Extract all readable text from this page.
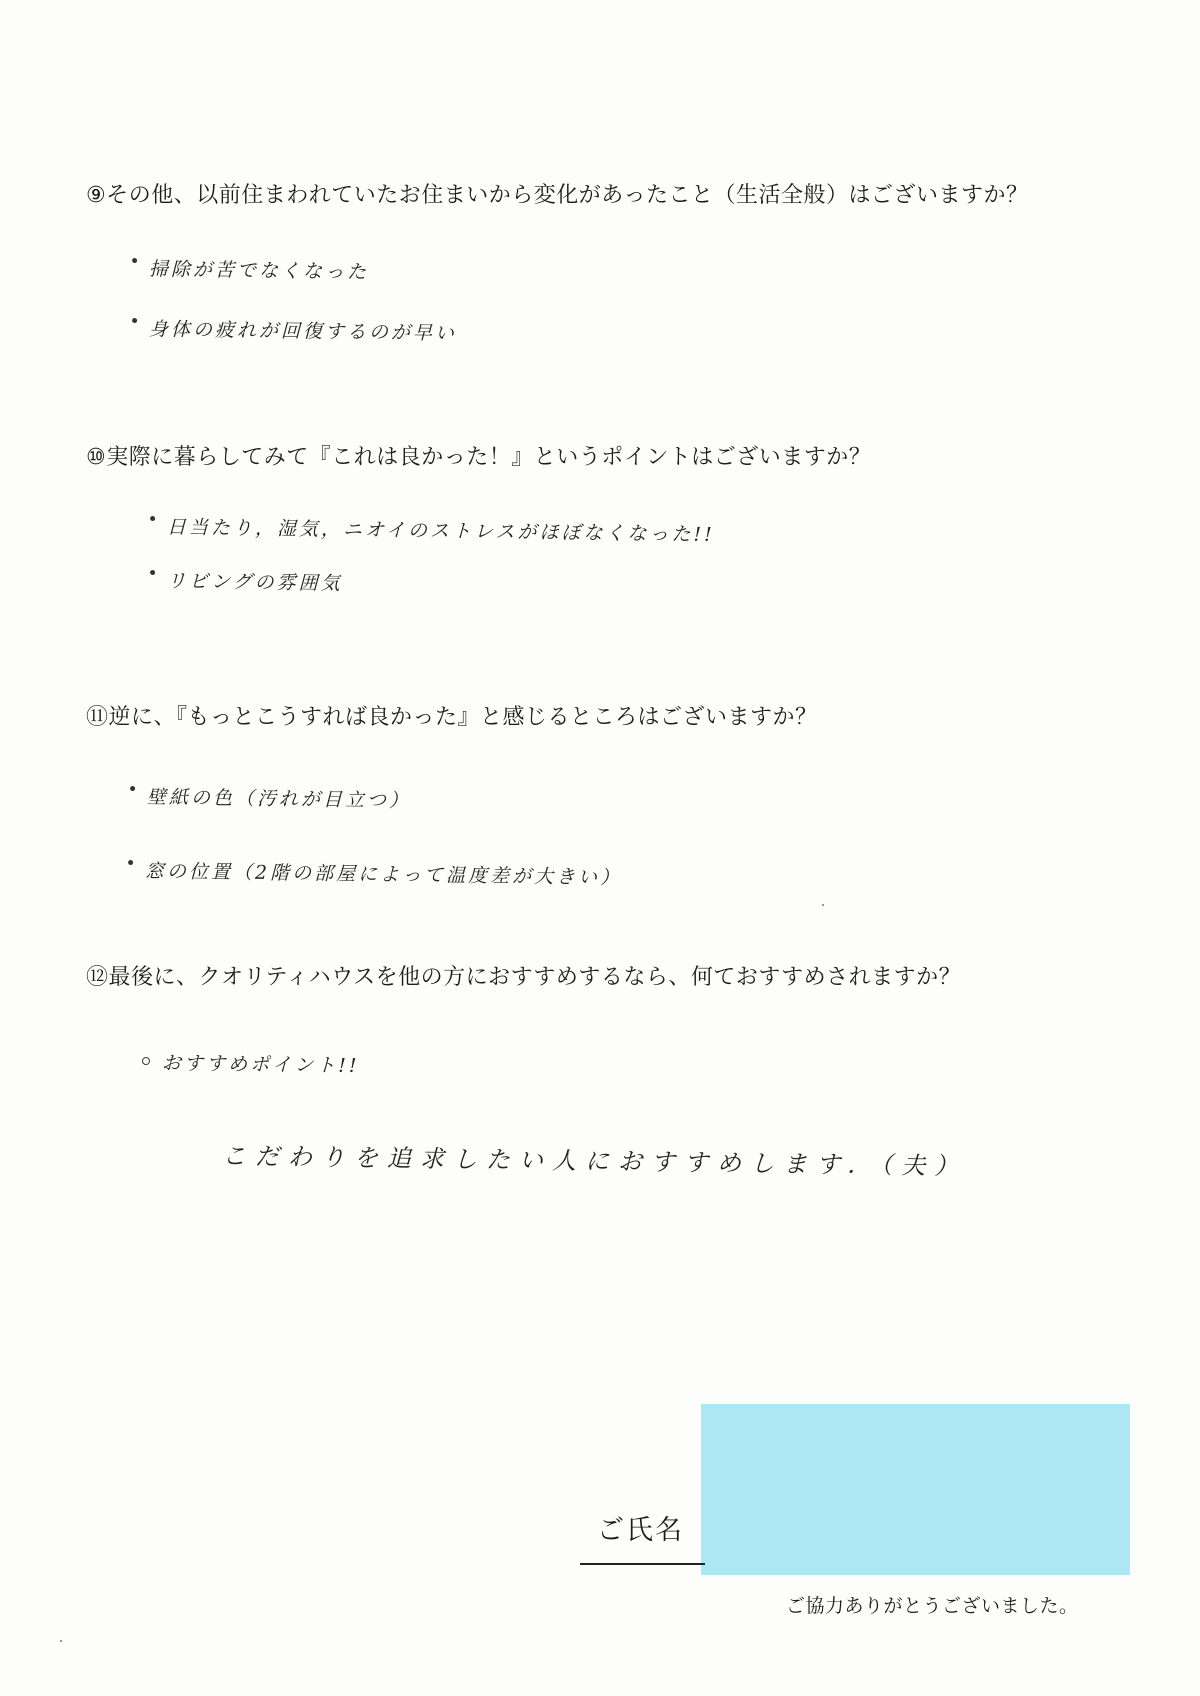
⑨その他、以前住まわれていたお住まいから変化があったこと（生活全般）はございますか？
掃除が苦でなくなった
身体の疲れが回復するのが早い
⑩実際に暮らしてみて『これは良かった！』というポイントはございますか？
日当たり，湿気，ニオイのストレスがほぼなくなった!!
リビングの雰囲気
⑪逆に、『もっとこうすれば良かった』と感じるところはございますか？
壁紙の色（汚れが目立つ）
窓の位置（2階の部屋によって温度差が大きい）
⑫最後に、クオリティハウスを他の方におすすめするなら、何ておすすめされますか？
おすすめポイント!!
こだわりを追求したい人におすすめします．（夫）
ご氏名
ご協力ありがとうございました。
